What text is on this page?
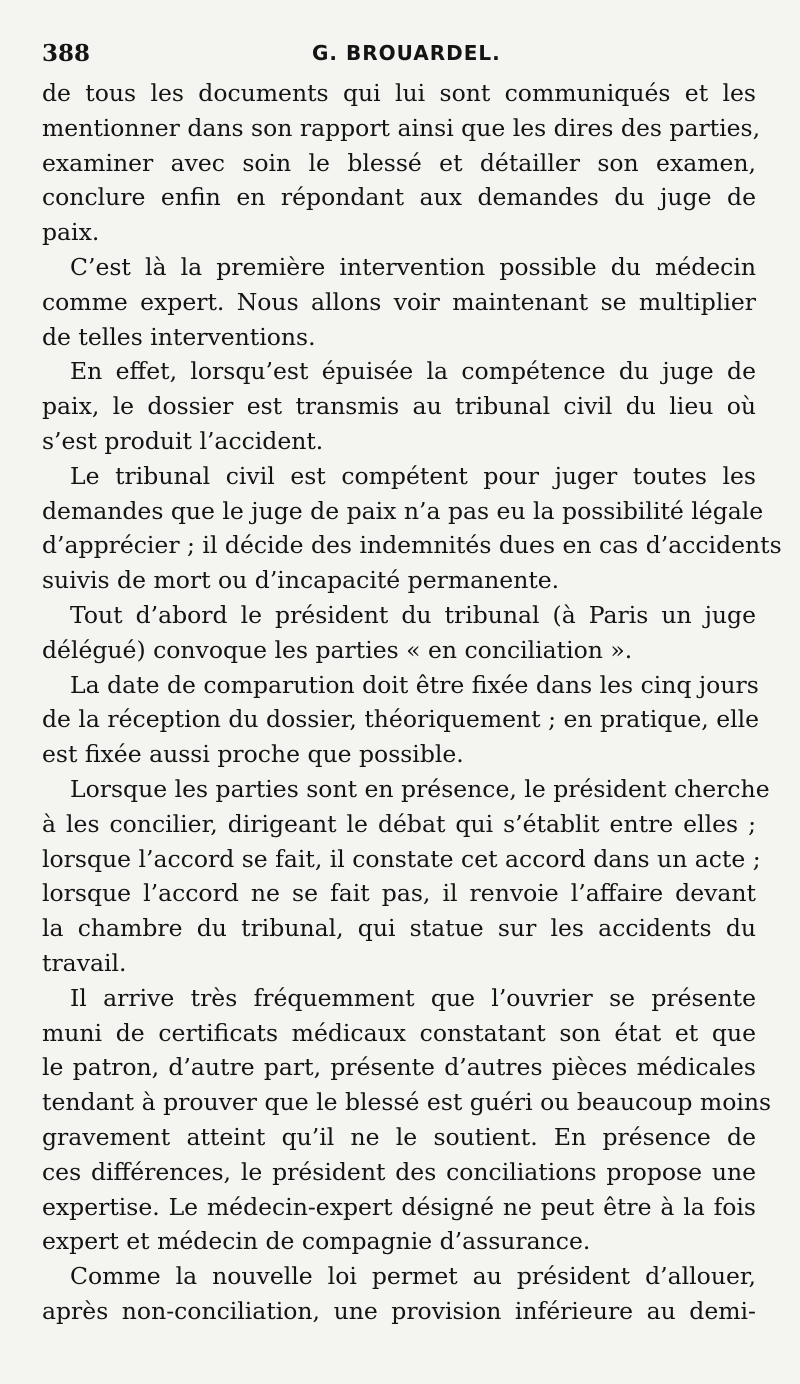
388	G. BROUARDEL.
de tous les documents qui lui sont communiqués et les
mentionner dans son rapport ainsi que les dires des parties,
examiner avec soin le blessé et détailler son examen,
conclure enfin en répondant aux demandes du juge de
paix.
C’est là la première intervention possible du médecin
comme expert. Nous allons voir maintenant se multiplier
de telles interventions.
En effet, lorsqu’est épuisée la compétence du juge de
paix, le dossier est transmis au tribunal civil du lieu où
s’est produit l’accident.
Le tribunal civil est compétent pour juger toutes les
demandes que le juge de paix n’a pas eu la possibilité légale
d’apprécier ; il décide des indemnités dues en cas d’accidents
suivis de mort ou d’incapacité permanente.
Tout d’abord le président du tribunal (à Paris un juge
délégué) convoque les parties « en conciliation ».
La date de comparution doit être fixée dans les cinq jours
de la réception du dossier, théoriquement ; en pratique, elle
est fixée aussi proche que possible.
Lorsque les parties sont en présence, le président cherche
à les concilier, dirigeant le débat qui s’établit entre elles ;
lorsque l’accord se fait, il constate cet accord dans un acte ;
lorsque l’accord ne se fait pas, il renvoie l’affaire devant
la chambre du tribunal, qui statue sur les accidents du
travail.
Il arrive très fréquemment que l’ouvrier se présente
muni de certificats médicaux constatant son état et que
le patron, d’autre part, présente d’autres pièces médicales
tendant à prouver que le blessé est guéri ou beaucoup moins
gravement atteint qu’il ne le soutient. En présence de
ces différences, le président des conciliations propose une
expertise. Le médecin-expert désigné ne peut être à la fois
expert et médecin de compagnie d’assurance.
Comme la nouvelle loi permet au président d’allouer,
après non-conciliation, une provision inférieure au demi-
